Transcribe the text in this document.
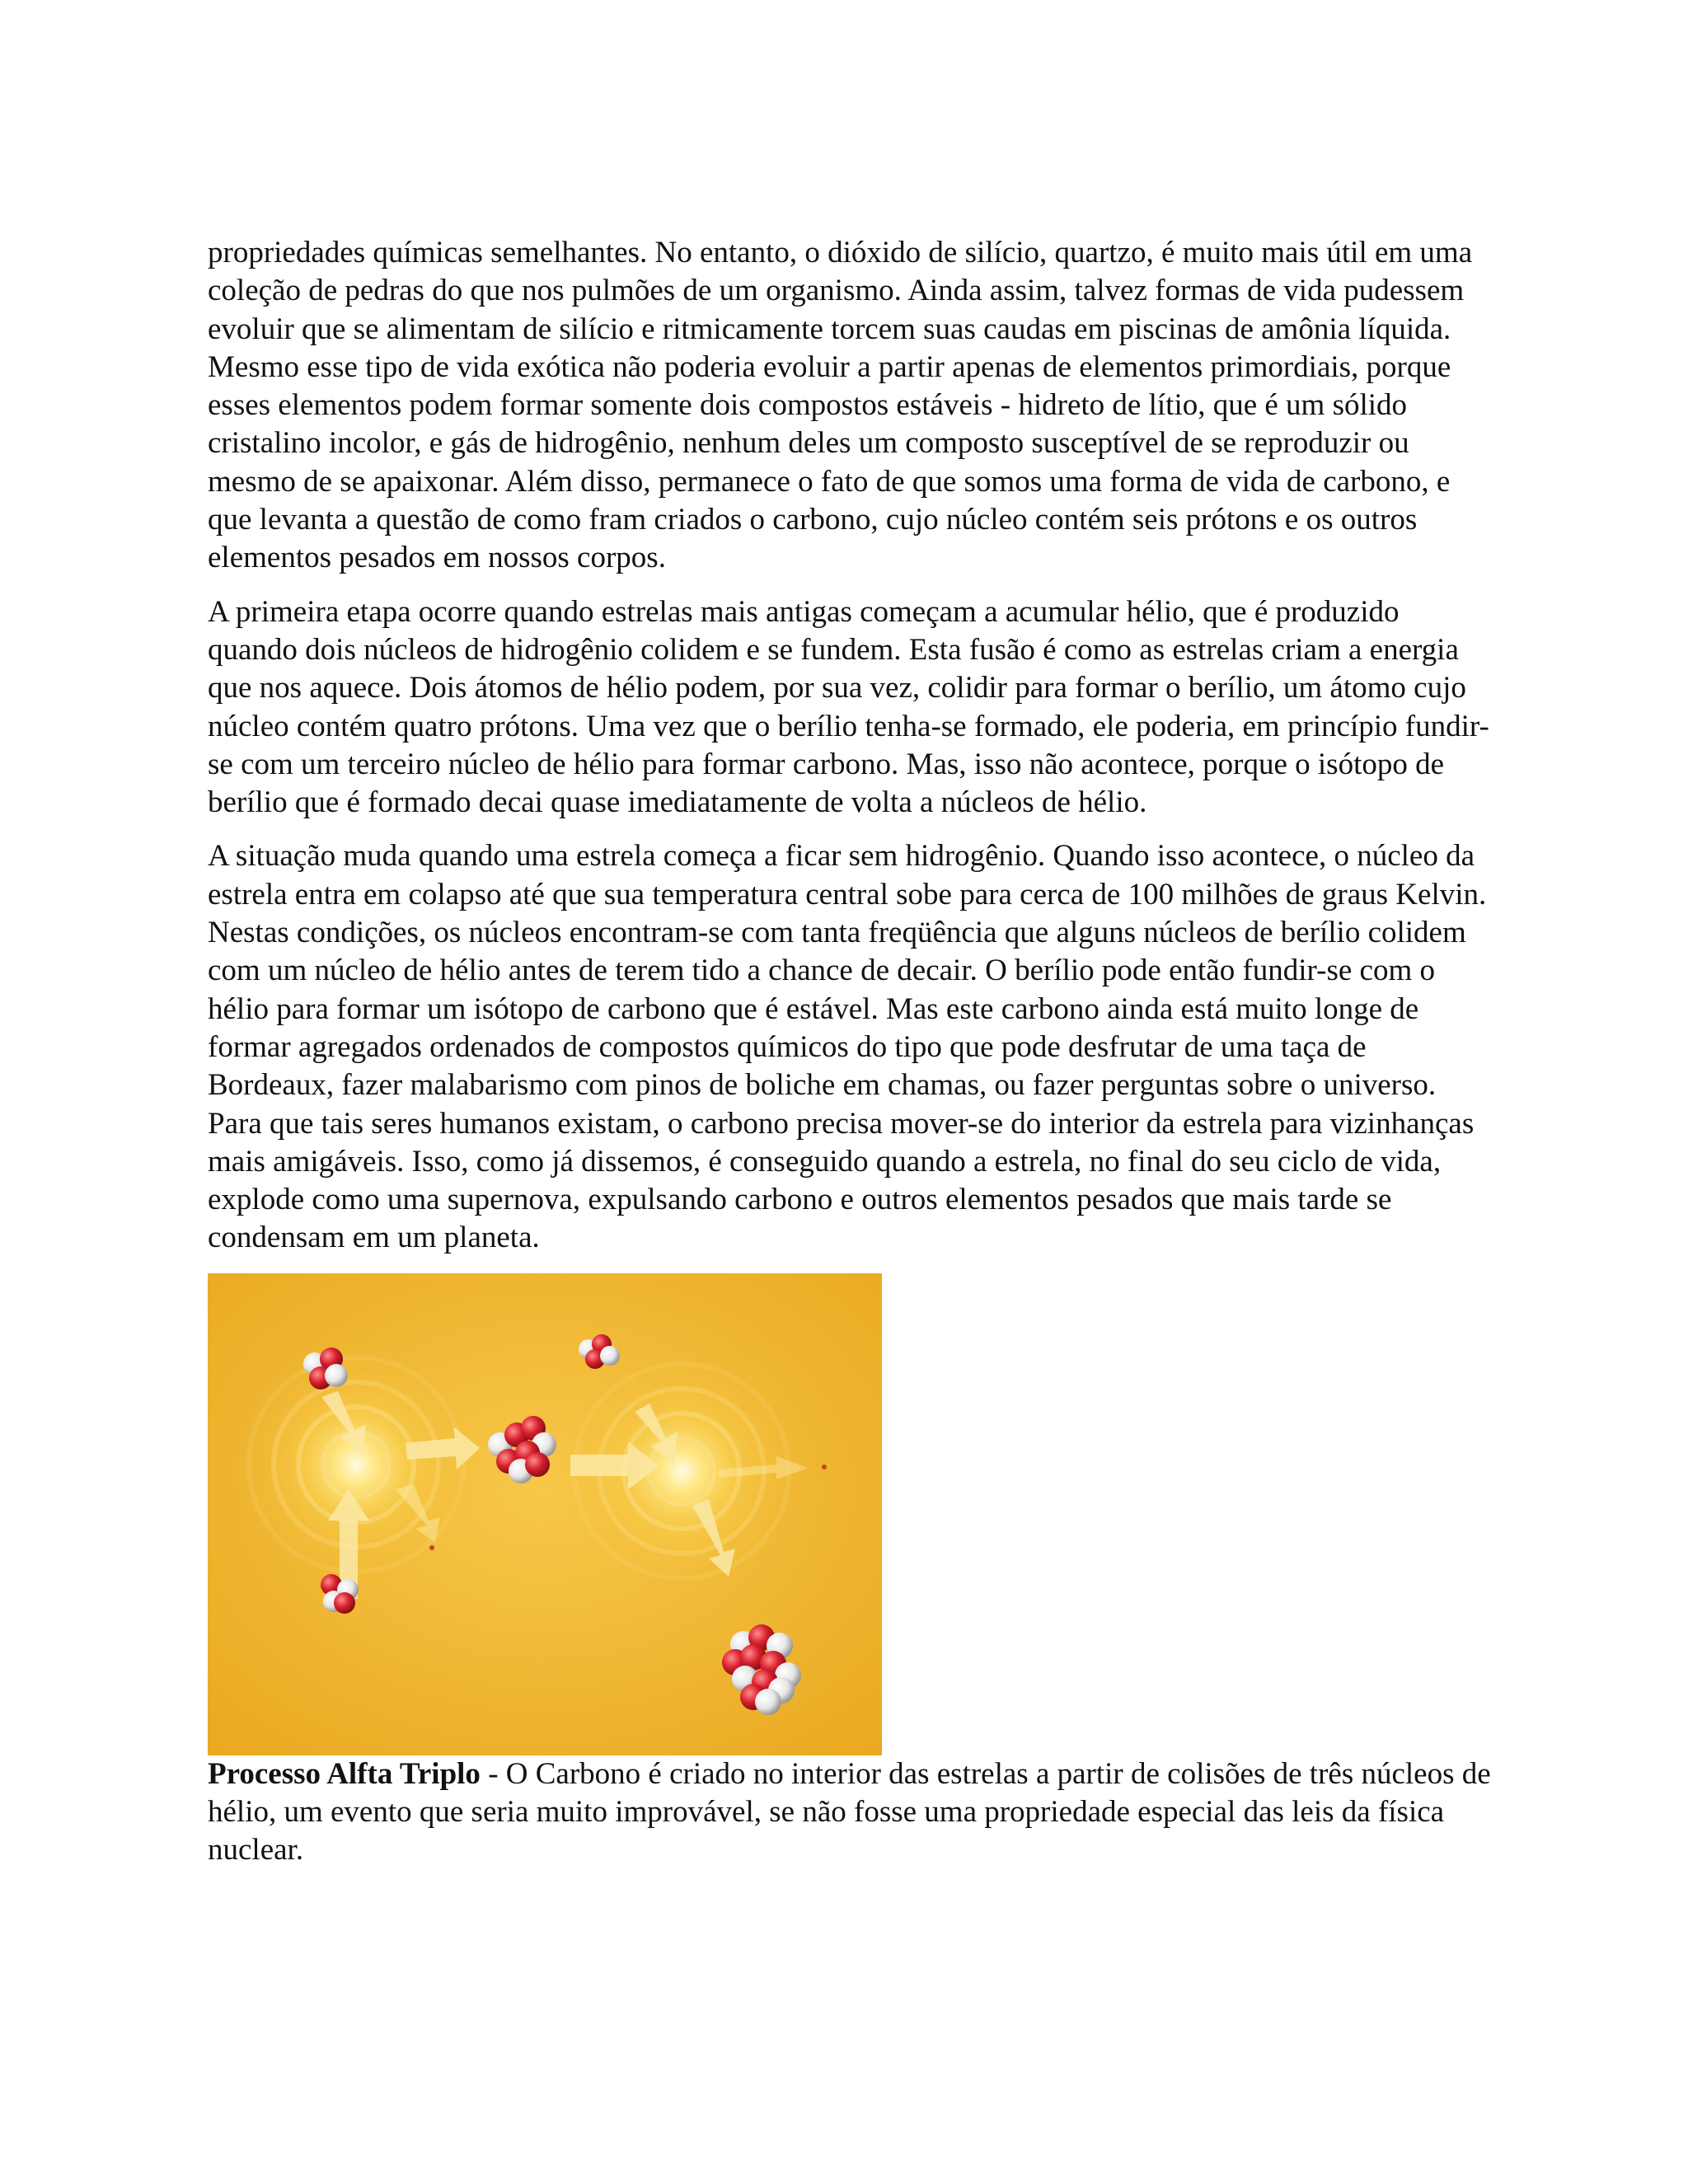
propriedades químicas semelhantes. No entanto, o dióxido de silício, quartzo, é muito mais útil em uma coleção de pedras do que nos pulmões de um organismo. Ainda assim, talvez formas de vida pudessem evoluir que se alimentam de silício e ritmicamente torcem suas caudas em piscinas de amônia líquida. Mesmo esse tipo de vida exótica não poderia evoluir a partir apenas de elementos primordiais, porque esses elementos podem formar somente dois compostos estáveis - hidreto de lítio, que é um sólido cristalino incolor, e gás de hidrogênio, nenhum deles um composto susceptível de se reproduzir ou mesmo de se apaixonar. Além disso, permanece o fato de que somos uma forma de vida de carbono, e que levanta a questão de como fram criados o carbono, cujo núcleo contém seis prótons e os outros elementos pesados em nossos corpos.

A primeira etapa ocorre quando estrelas mais antigas começam a acumular hélio, que é produzido quando dois núcleos de hidrogênio colidem e se fundem. Esta fusão é como as estrelas criam a energia que nos aquece. Dois átomos de hélio podem, por sua vez, colidir para formar o berílio, um átomo cujo núcleo contém quatro prótons. Uma vez que o berílio tenha-se formado, ele poderia, em princípio fundir-se com um terceiro núcleo de hélio para formar carbono. Mas, isso não acontece, porque o isótopo de berílio que é formado decai quase imediatamente de volta a núcleos de hélio.

A situação muda quando uma estrela começa a ficar sem hidrogênio. Quando isso acontece, o núcleo da estrela entra em colapso até que sua temperatura central sobe para cerca de 100 milhões de graus Kelvin. Nestas condições, os núcleos encontram-se com tanta freqüência que alguns núcleos de berílio colidem com um núcleo de hélio antes de terem tido a chance de decair. O berílio pode então fundir-se com o hélio para formar um isótopo de carbono que é estável. Mas este carbono ainda está muito longe de formar agregados ordenados de compostos químicos do tipo que pode desfrutar de uma taça de Bordeaux, fazer malabarismo com pinos de boliche em chamas, ou fazer perguntas sobre o universo. Para que tais seres humanos existam, o carbono precisa mover-se do interior da estrela para vizinhanças mais amigáveis. Isso, como já dissemos, é conseguido quando a estrela, no final do seu ciclo de vida, explode como uma supernova, expulsando carbono e outros elementos pesados que mais tarde se condensam em um planeta.

Processo Alfta Triplo - O Carbono é criado no interior das estrelas a partir de colisões de três núcleos de hélio, um evento que seria muito improvável, se não fosse uma propriedade especial das leis da física nuclear.
